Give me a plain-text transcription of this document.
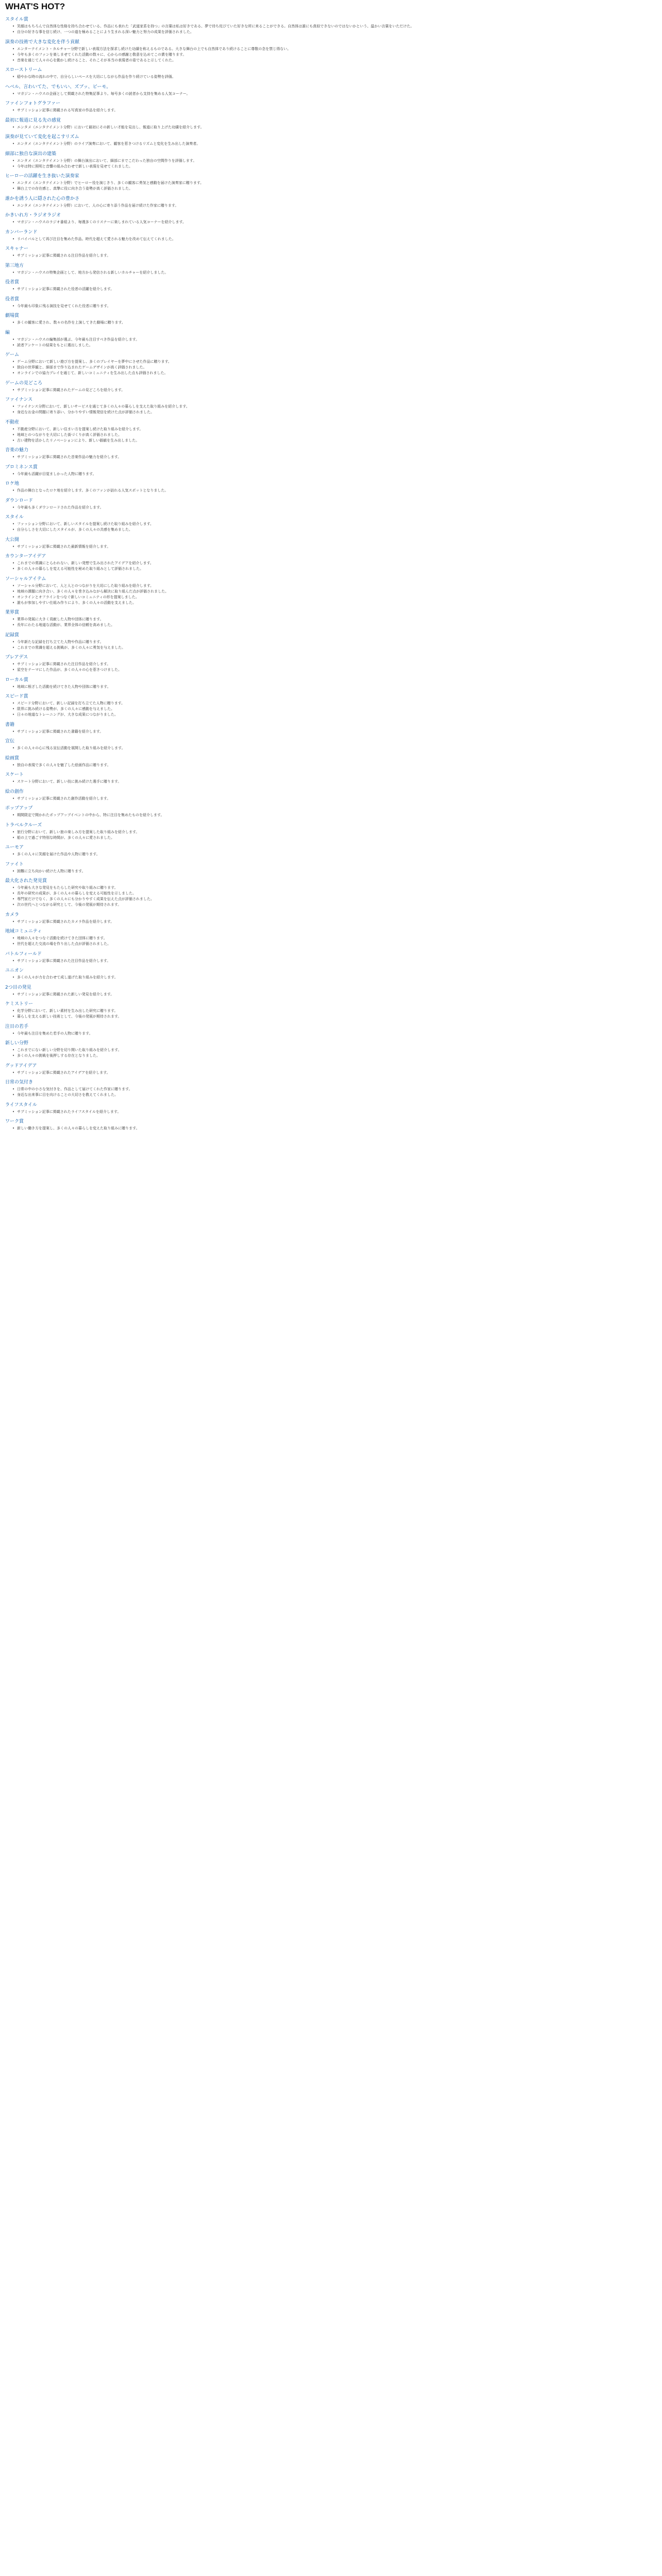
WHAT'S HOT?
スタイル賞
• 笑顔はもちろんで自然体な性格を持ち合わせている、作品にも表れた「武道家系を持つ」の言葉は私は好きである、夢で待ち侘びていた好きな所に来ることができる。自然体は誰にも真似できないのではないかという、温かい言葉をいただけた。
• 自分の好きな事を信じ続け、一つの道を極めることにより生まれる深い魅力と努力の成果を評価されました。
演奏の技術で大きな変化を伴う貢献
• エンターテイメント・カルチャー分野で新しい表現方法を探求し続けた功績を称えるものである。大きな舞台の上でも自然体であり続けることに尊敬の念を禁じ得ない。
• 今年も多くのファンを楽しませてくれた活動の数々に、心からの感謝と敬意を込めてこの賞を贈ります。
• 音楽を通じて人々の心を動かし続けること、それこそが本当の表現者の姿であると示してくれた。
スローストリーム
• 穏やかな時の流れの中で、自分らしいペースを大切にしながら作品を作り続けている姿勢を評価。
ヘベル、言わいてた、でもいい、ズブッ、ビーモ。
• マガジン・ハウスの企画として掲載された特集記事より。毎号多くの読者から支持を集める人気コーナー。
ファインフォトグラファー
• サブミッション記事に掲載される写真家の作品を紹介します。
最初に報道に見る先の感覚
• エンタメ（エンタテイメント分野）において最初にその新しい才能を見出し、報道に取り上げた功績を紹介します。
演奏が見ていて変化を起こすリズム
• エンタメ（エンタテイメント分野）のライブ演奏において、観客を惹きつけるリズムと変化を生み出した演奏者。
細部に独自な演出の建築
• エンタメ（エンタテイメント分野）の舞台演出において、細部にまでこだわった独自の空間作りを評価します。
• 今年は特に照明と音響の組み合わせで新しい表現を見せてくれました。
ヒーローの活躍を生き抜いた演奏家
• エンタメ（エンタテイメント分野）でヒーロー役を演じきり、多くの観客に勇気と感動を届けた演奏家に贈ります。
• 舞台上での存在感と、真摯に役に向き合う姿勢が高く評価されました。
誰かを誘う人に隠された心の豊かさ
• エンタメ（エンタテイメント分野）において、人の心に寄り添う作品を届け続けた作家に贈ります。
かきいれ方・ラジオラジオ
• マガジン・ハウスのラジオ番組より、毎週多くのリスナーに楽しまれている人気コーナーを紹介します。
カンバーランド
• リバイバルとして再び注目を集めた作品。時代を超えて愛される魅力を改めて伝えてくれました。
スキャナー
• サブミッション記事に掲載される注目作品を紹介します。
第三地方
• マガジン・ハウスの特集企画として、地方から発信される新しいカルチャーを紹介しました。
役者賞
• サブミッション記事に掲載された役者の活躍を紹介します。
役者賞
• 今年最も印象に残る演技を見せてくれた役者に贈ります。
劇場賞
• 多くの観客に愛され、数々の名作を上演してきた劇場に贈ります。
編
• マガジン・ハウスの編集部が選ぶ、今年最も注目すべき作品を紹介します。
• 読者アンケートの結果をもとに選出しました。
ゲーム
• ゲーム分野において新しい遊び方を提案し、多くのプレイヤーを夢中にさせた作品に贈ります。
• 独自の世界観と、細部まで作り込まれたゲームデザインが高く評価されました。
• オンラインでの協力プレイを通じて、新しいコミュニティを生み出した点も評価されました。
ゲームの見どころ
• サブミッション記事に掲載されたゲームの見どころを紹介します。
ファイナンス
• ファイナンス分野において、新しいサービスを通じて多くの人々の暮らしを支えた取り組みを紹介します。
• 身近なお金の問題に寄り添い、分かりやすい情報発信を続けた点が評価されました。
不動産
• 不動産分野において、新しい住まい方を提案し続けた取り組みを紹介します。
• 地域とのつながりを大切にした街づくりが高く評価されました。
• 古い建物を活かしたリノベーションにより、新しい価値を生み出しました。
音楽の魅力
• サブミッション記事に掲載された音楽作品の魅力を紹介します。
プロミネンス賞
• 今年最も活躍が目覚ましかった人物に贈ります。
ロケ地
• 作品の舞台となったロケ地を紹介します。多くのファンが訪れる人気スポットとなりました。
ダウンロード
• 今年最も多くダウンロードされた作品を紹介します。
スタイル
• ファッション分野において、新しいスタイルを提案し続けた取り組みを紹介します。
• 自分らしさを大切にしたスタイルが、多くの人々の共感を集めました。
大公開
• サブミッション記事に掲載された最新情報を紹介します。
カウンターアイデア
• これまでの常識にとらわれない、新しい発想で生み出されたアイデアを紹介します。
• 多くの人々の暮らしを変える可能性を秘めた取り組みとして評価されました。
ソーシャルアイテム
• ソーシャル分野において、人と人とのつながりを大切にした取り組みを紹介します。
• 地域の課題に向き合い、多くの人々を巻き込みながら解決に取り組んだ点が評価されました。
• オンラインとオフラインをつなぐ新しいコミュニティの形を提案しました。
• 誰もが参加しやすい仕組み作りにより、多くの人々の活動を支えました。
業界賞
• 業界の発展に大きく貢献した人物や団体に贈ります。
• 長年にわたる地道な活動が、業界全体の信頼を高めました。
記録賞
• 今年新たな記録を打ち立てた人物や作品に贈ります。
• これまでの常識を超える挑戦が、多くの人々に勇気を与えました。
プレアデス
• サブミッション記事に掲載された注目作品を紹介します。
• 星空をテーマにした作品が、多くの人々の心を惹きつけました。
ローカル賞
• 地域に根ざした活動を続けてきた人物や団体に贈ります。
スピード賞
• スピード分野において、新しい記録を打ち立てた人物に贈ります。
• 限界に挑み続ける姿勢が、多くの人々に感動を与えました。
• 日々の地道なトレーニングが、大きな成果につながりました。
書籍
• サブミッション記事に掲載された書籍を紹介します。
宣伝
• 多くの人々の心に残る宣伝活動を展開した取り組みを紹介します。
絵画賞
• 独自の表現で多くの人々を魅了した絵画作品に贈ります。
スケート
• スケート分野において、新しい技に挑み続けた選手に贈ります。
絵の創作
• サブミッション記事に掲載された創作活動を紹介します。
ポップアップ
• 期間限定で開かれたポップアップイベントの中から、特に注目を集めたものを紹介します。
トラベルクルーズ
• 旅行分野において、新しい旅の楽しみ方を提案した取り組みを紹介します。
• 船の上で過ごす特別な時間が、多くの人々に愛されました。
ユーモア
• 多くの人々に笑顔を届けた作品や人物に贈ります。
ファイト
• 困難に立ち向かい続けた人物に贈ります。
最大化された発見賞
• 今年最も大きな発見をもたらした研究や取り組みに贈ります。
• 長年の研究の成果が、多くの人々の暮らしを変える可能性を示しました。
• 専門家だけでなく、多くの人々にも分かりやすく成果を伝えた点が評価されました。
• 次の世代へとつながる研究として、今後の発展が期待されます。
カメラ
• サブミッション記事に掲載されたカメラ作品を紹介します。
地域コミュニティ
• 地域の人々をつなぐ活動を続けてきた団体に贈ります。
• 世代を超えた交流の場を作り出した点が評価されました。
バトルフィールド
• サブミッション記事に掲載された注目作品を紹介します。
ユニオン
• 多くの人々が力を合わせて成し遂げた取り組みを紹介します。
2つ目の発見
• サブミッション記事に掲載された新しい発見を紹介します。
ケミストリー
• 化学分野において、新しい素材を生み出した研究に贈ります。
• 暮らしを支える新しい技術として、今後の発展が期待されます。
注目の若手
• 今年最も注目を集めた若手の人物に贈ります。
新しい分野
• これまでにない新しい分野を切り開いた取り組みを紹介します。
• 多くの人々の挑戦を後押しする存在となりました。
グッドアイデア
• サブミッション記事に掲載されたアイデアを紹介します。
日常の気付き
• 日常の中の小さな気付きを、作品として届けてくれた作家に贈ります。
• 身近な出来事に目を向けることの大切さを教えてくれました。
ライフスタイル
• サブミッション記事に掲載されたライフスタイルを紹介します。
ワーク賞
• 新しい働き方を提案し、多くの人々の暮らしを変えた取り組みに贈ります。
